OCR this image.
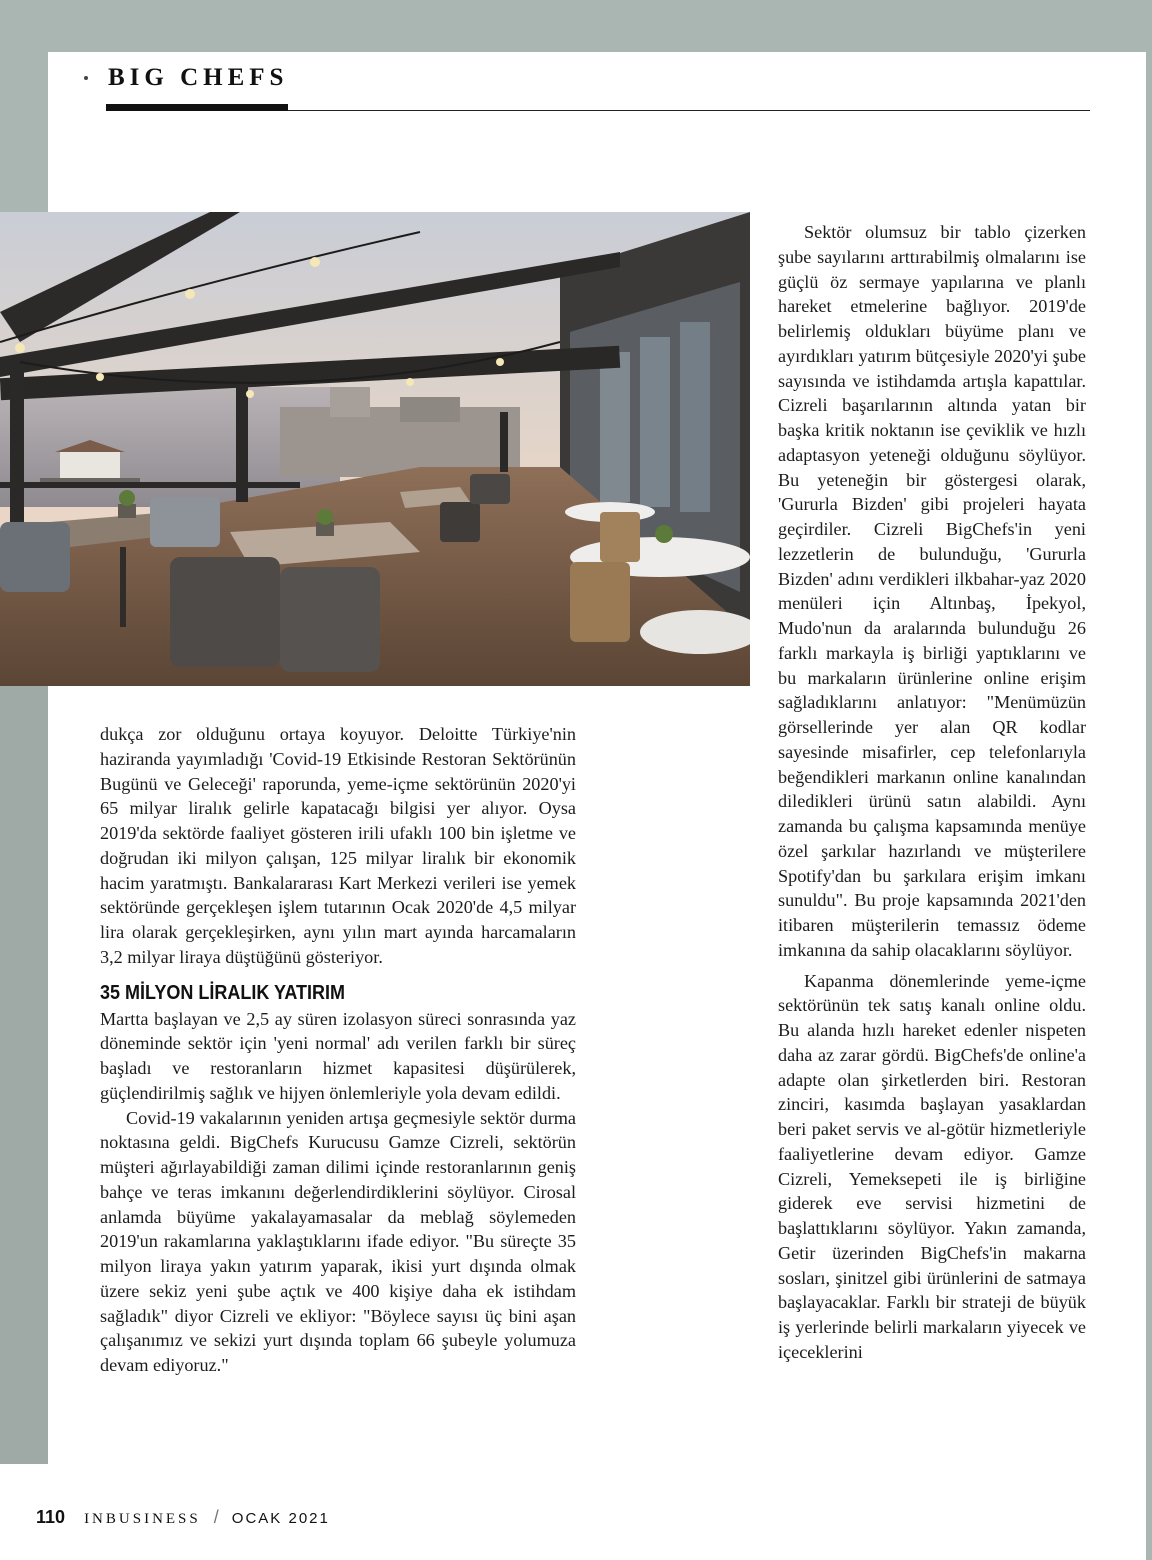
BIG CHEFS

dukça zor olduğunu ortaya koyuyor. Deloitte Türkiye'nin haziranda yayımladığı 'Covid-19 Etkisinde Restoran Sektörünün Bugünü ve Geleceği' raporunda, yeme-içme sektörünün 2020'yi 65 milyar liralık gelirle kapatacağı bilgisi yer alıyor. Oysa 2019'da sektörde faaliyet gösteren irili ufaklı 100 bin işletme ve doğrudan iki milyon çalışan, 125 milyar liralık bir ekonomik hacim yaratmıştı. Bankalararası Kart Merkezi verileri ise yemek sektöründe gerçekleşen işlem tutarının Ocak 2020'de 4,5 milyar lira olarak gerçekleşirken, aynı yılın mart ayında harcamaların 3,2 milyar liraya düştüğünü gösteriyor.

35 MİLYON LİRALIK YATIRIM

Martta başlayan ve 2,5 ay süren izolasyon süreci sonrasında yaz döneminde sektör için 'yeni normal' adı verilen farklı bir süreç başladı ve restoranların hizmet kapasitesi düşürülerek, güçlendirilmiş sağlık ve hijyen önlemleriyle yola devam edildi.

Covid-19 vakalarının yeniden artışa geçmesiyle sektör durma noktasına geldi. BigChefs Kurucusu Gamze Cizreli, sektörün müşteri ağırlayabildiği zaman dilimi içinde restoranlarının geniş bahçe ve teras imkanını değerlendirdiklerini söylüyor. Cirosal anlamda büyüme yakalayamasalar da meblağ söylemeden 2019'un rakamlarına yaklaştıklarını ifade ediyor. "Bu süreçte 35 milyon liraya yakın yatırım yaparak, ikisi yurt dışında olmak üzere sekiz yeni şube açtık ve 400 kişiye daha ek istihdam sağladık" diyor Cizreli ve ekliyor: "Böylece sayısı üç bini aşan çalışanımız ve sekizi yurt dışında toplam 66 şubeyle yolumuza devam ediyoruz."

Sektör olumsuz bir tablo çizerken şube sayılarını arttırabilmiş olmalarını ise güçlü öz sermaye yapılarına ve planlı hareket etmelerine bağlıyor. 2019'de belirlemiş oldukları büyüme planı ve ayırdıkları yatırım bütçesiyle 2020'yi şube sayısında ve istihdamda artışla kapattılar. Cizreli başarılarının altında yatan bir başka kritik noktanın ise çeviklik ve hızlı adaptasyon yeteneği olduğunu söylüyor. Bu yeteneğin bir göstergesi olarak, 'Gururla Bizden' gibi projeleri hayata geçirdiler. Cizreli BigChefs'in yeni lezzetlerin de bulunduğu, 'Gururla Bizden' adını verdikleri ilkbahar-yaz 2020 menüleri için Altınbaş, İpekyol, Mudo'nun da aralarında bulunduğu 26 farklı markayla iş birliği yaptıklarını ve bu markaların ürünlerine online erişim sağladıklarını anlatıyor: "Menümüzün görsellerinde yer alan QR kodlar sayesinde misafirler, cep telefonlarıyla beğendikleri markanın online kanalından diledikleri ürünü satın alabildi. Aynı zamanda bu çalışma kapsamında menüye özel şarkılar hazırlandı ve müşterilere Spotify'dan bu şarkılara erişim imkanı sunuldu". Bu proje kapsamında 2021'den itibaren müşterilerin temassız ödeme imkanına da sahip olacaklarını söylüyor.

Kapanma dönemlerinde yeme-içme sektörünün tek satış kanalı online oldu. Bu alanda hızlı hareket edenler nispeten daha az zarar gördü. BigChefs'de online'a adapte olan şirketlerden biri. Restoran zinciri, kasımda başlayan yasaklardan beri paket servis ve al-götür hizmetleriyle faaliyetlerine devam ediyor. Gamze Cizreli, Yemeksepeti ile iş birliğine giderek eve servisi hizmetini de başlattıklarını söylüyor. Yakın zamanda, Getir üzerinden BigChefs'in makarna sosları, şinitzel gibi ürünlerini de satmaya başlayacaklar. Farklı bir strateji de büyük iş yerlerinde belirli markaların yiyecek ve içeceklerini

110 INBUSINESS / OCAK 2021
